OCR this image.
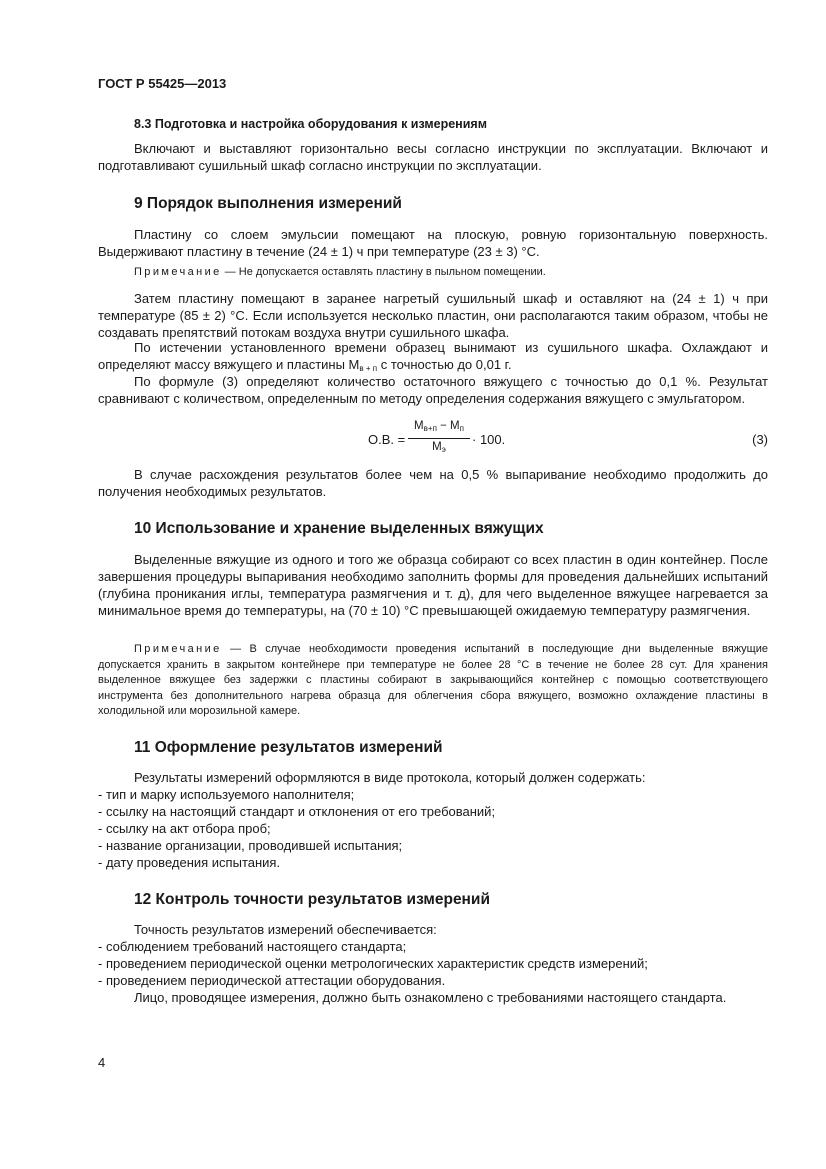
ГОСТ Р 55425—2013
8.3 Подготовка и настройка оборудования к измерениям
Включают и выставляют горизонтально весы согласно инструкции по эксплуатации. Включают и подготавливают сушильный шкаф согласно инструкции по эксплуатации.
9 Порядок выполнения измерений
Пластину со слоем эмульсии помещают на плоскую, ровную горизонтальную поверхность. Выдерживают пластину в течение (24 ± 1) ч при температуре (23 ± 3) °С.
Примечание — Не допускается оставлять пластину в пыльном помещении.
Затем пластину помещают в заранее нагретый сушильный шкаф и оставляют на (24 ± 1) ч при температуре (85 ± 2) °С. Если используется несколько пластин, они располагаются таким образом, чтобы не создавать препятствий потокам воздуха внутри сушильного шкафа.
По истечении установленного времени образец вынимают из сушильного шкафа. Охлаждают и определяют массу вяжущего и пластины $М_{в + п}$ с точностью до 0,01 г.
По формуле (3) определяют количество остаточного вяжущего с точностью до 0,1 %. Результат сравнивают с количеством, определенным по методу определения содержания вяжущего с эмульгатором.
О.В. =
$М_{в+п} - М_п$
$М_э$
· 100.	(3)
В случае расхождения результатов более чем на 0,5 % выпаривание необходимо продолжить до получения необходимых результатов.
10 Использование и хранение выделенных вяжущих
Выделенные вяжущие из одного и того же образца собирают со всех пластин в один контейнер. После завершения процедуры выпаривания необходимо заполнить формы для проведения дальнейших испытаний (глубина проникания иглы, температура размягчения и т. д), для чего выделенное вяжущее нагревается за минимальное время до температуры, на (70 ± 10) °С превышающей ожидаемую температуру размягчения.
Примечание — В случае необходимости проведения испытаний в последующие дни выделенные вяжущие допускается хранить в закрытом контейнере при температуре не более 28 °С в течение не более 28 сут. Для хранения выделенное вяжущее без задержки с пластины собирают в закрывающийся контейнер с помощью соответствующего инструмента без дополнительного нагрева образца для облегчения сбора вяжущего, возможно охлаждение пластины в холодильной или морозильной камере.
11 Оформление результатов измерений
Результаты измерений оформляются в виде протокола, который должен содержать:
- тип и марку используемого наполнителя;
- ссылку на настоящий стандарт и отклонения от его требований;
- ссылку на акт отбора проб;
- название организации, проводившей испытания;
- дату проведения испытания.
12 Контроль точности результатов измерений
Точность результатов измерений обеспечивается:
- соблюдением требований настоящего стандарта;
- проведением периодической оценки метрологических характеристик средств измерений;
- проведением периодической аттестации оборудования.
Лицо, проводящее измерения, должно быть ознакомлено с требованиями настоящего стандарта.
4
